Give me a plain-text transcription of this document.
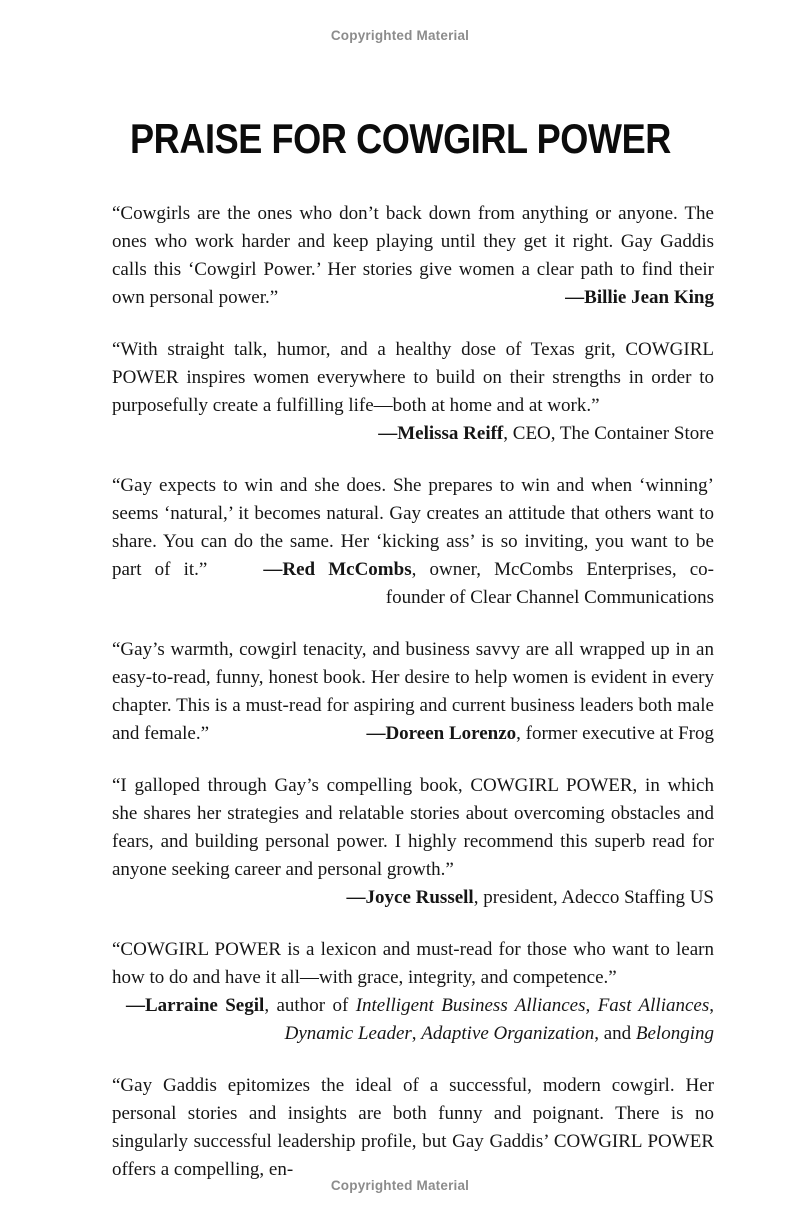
Copyrighted Material
PRAISE FOR COWGIRL POWER

“Cowgirls are the ones who don’t back down from anything or anyone. The ones who work harder and keep playing until they get it right. Gay Gaddis calls this ‘Cowgirl Power.’ Her stories give women a clear path to find their own personal power.”	—Billie Jean King

“With straight talk, humor, and a healthy dose of Texas grit, COWGIRL POWER inspires women everywhere to build on their strengths in order to purposefully create a fulfilling life—both at home and at work.”

—Melissa Reiff, CEO, The Container Store

“Gay expects to win and she does. She prepares to win and when ‘winning’ seems ‘natural,’ it becomes natural. Gay creates an attitude that others want to share. You can do the same. Her ‘kicking ass’ is so inviting, you want to be part of it.”	—Red McCombs, owner, McCombs Enterprises, co-founder of Clear Channel Communications

“Gay’s warmth, cowgirl tenacity, and business savvy are all wrapped up in an easy-to-read, funny, honest book. Her desire to help women is evident in every chapter. This is a must-read for aspiring and current business leaders both male and female.”	—Doreen Lorenzo, former executive at Frog

“I galloped through Gay’s compelling book, COWGIRL POWER, in which she shares her strategies and relatable stories about overcoming obstacles and fears, and building personal power. I highly recommend this superb read for anyone seeking career and personal growth.”

—Joyce Russell, president, Adecco Staffing US

“COWGIRL POWER is a lexicon and must-read for those who want to learn how to do and have it all—with grace, integrity, and competence.”

—Larraine Segil, author of Intelligent Business Alliances, Fast Alliances, Dynamic Leader, Adaptive Organization, and Belonging

“Gay Gaddis epitomizes the ideal of a successful, modern cowgirl. Her personal stories and insights are both funny and poignant. There is no singularly successful leadership profile, but Gay Gaddis’ COWGIRL POWER offers a compelling, en-

Copyrighted Material
